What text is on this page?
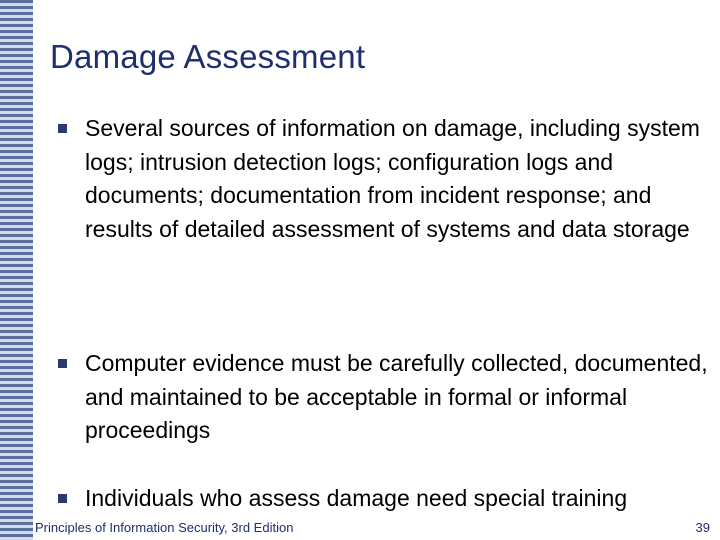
Damage Assessment
Several sources of information on damage, including system logs; intrusion detection logs; configuration logs and documents; documentation from incident response; and results of detailed assessment of systems and data storage
Computer evidence must be carefully collected, documented, and maintained to be acceptable in formal or informal proceedings
Individuals who assess damage need special training
Principles of Information Security, 3rd Edition	39
